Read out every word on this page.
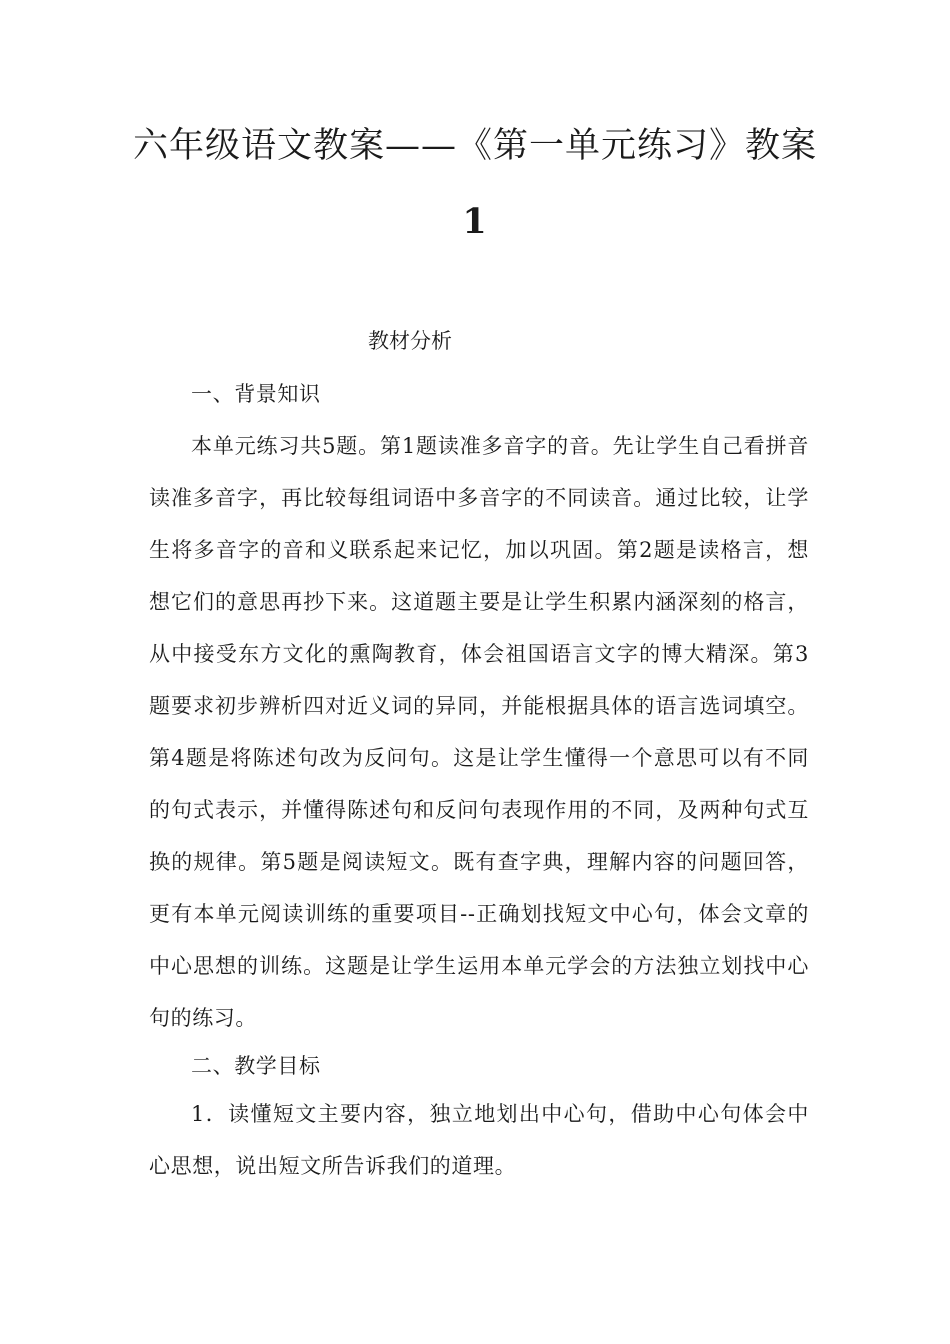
六年级语文教案——《第一单元练习》教案
1
教材分析

一、背景知识

本单元练习共5题。第1题读准多音字的音。先让学生自己看拼音读准多音字，再比较每组词语中多音字的不同读音。通过比较，让学生将多音字的音和义联系起来记忆，加以巩固。第2题是读格言，想想它们的意思再抄下来。这道题主要是让学生积累内涵深刻的格言，从中接受东方文化的熏陶教育，体会祖国语言文字的博大精深。第3题要求初步辨析四对近义词的异同，并能根据具体的语言选词填空。第4题是将陈述句改为反问句。这是让学生懂得一个意思可以有不同的句式表示，并懂得陈述句和反问句表现作用的不同，及两种句式互换的规律。第5题是阅读短文。既有查字典，理解内容的问题回答，更有本单元阅读训练的重要项目--正确划找短文中心句，体会文章的中心思想的训练。这题是让学生运用本单元学会的方法独立划找中心句的练习。

二、教学目标

1．读懂短文主要内容，独立地划出中心句，借助中心句体会中心思想，说出短文所告诉我们的道理。
